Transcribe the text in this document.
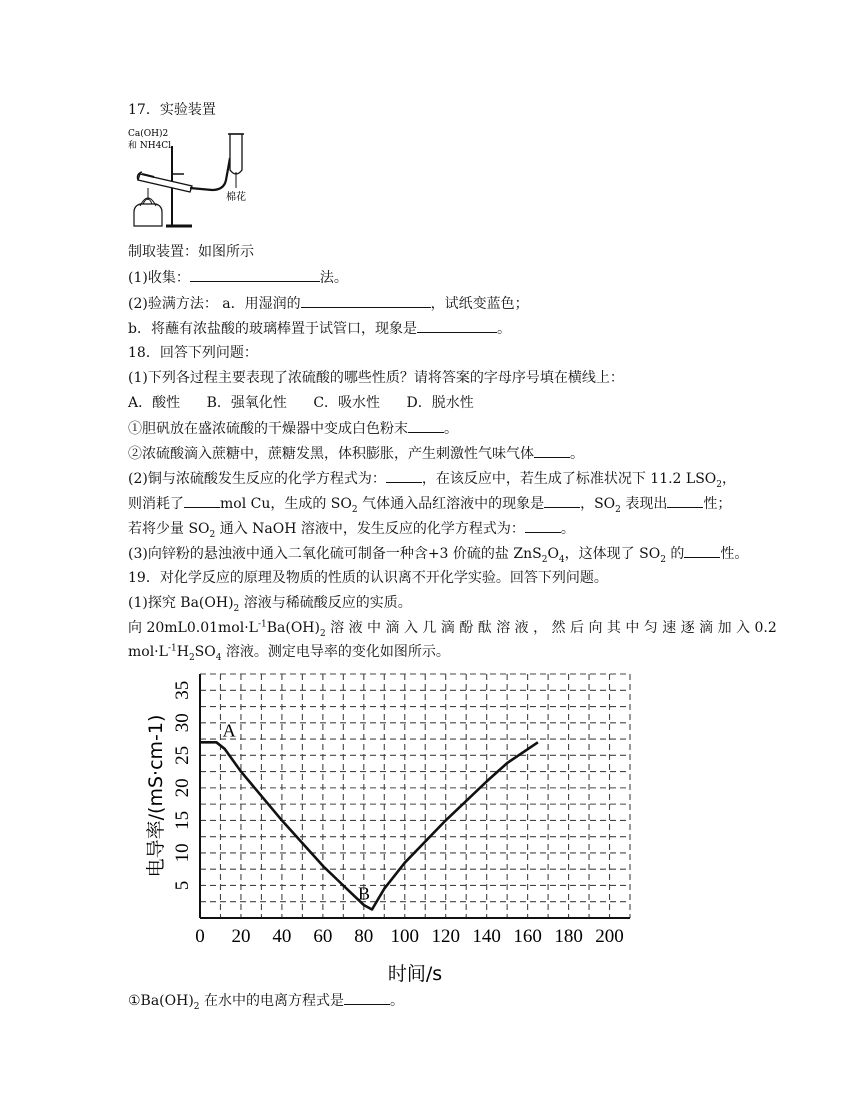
17．实验装置
Ca(OH)2
和 NH4Cl
棉花
制取装置：如图所示
(1)收集：	法。
(2)验满方法： a．用湿润的	，试纸变蓝色；
b．将蘸有浓盐酸的玻璃棒置于试管口，现象是	。
18．回答下列问题：
(1)下列各过程主要表现了浓硫酸的哪些性质？请将答案的字母序号填在横线上：
A．酸性 B．强氧化性 C．吸水性 D．脱水性
①胆矾放在盛浓硫酸的干燥器中变成白色粉末	。
②浓硫酸滴入蔗糖中，蔗糖发黑，体积膨胀，产生刺激性气味气体	。
(2)铜与浓硫酸发生反应的化学方程式为：	，在该反应中，若生成了标准状况下 11.2 $LSO_2$，
则消耗了	mol Cu，生成的 $SO_2$ 气体通入品红溶液中的现象是	，$SO_2$ 表现出	性；
若将少量 $SO_2$ 通入 NaOH 溶液中，发生反应的化学方程式为：	。
(3)向锌粉的悬浊液中通入二氧化硫可制备一种含+3 价硫的盐 $ZnS_2O_4$，这体现了 $SO_2$ 的	性。
19．对化学反应的原理及物质的性质的认识离不开化学实验。回答下列问题。
(1)探究 $Ba(OH)_2$ 溶液与稀硫酸反应的实质。
向 $20mL0.01mol\cdot L^{-1}Ba(OH)_2$ 溶 液 中 滴 入 几 滴 酚 酞 溶 液 ， 然 后 向 其 中 匀 速 逐 滴 加 入 0.2
$mol\cdot L^{-1}H_2SO_4$ 溶液。测定电导率的变化如图所示。
0 20 40 60 80 100 120 140 160 180 200
5
10
15
20
25
30
35
电导率/(mS·cm-1)
时间/s
A
B
$①Ba(OH)_2$ 在水中的电离方程式是	。
